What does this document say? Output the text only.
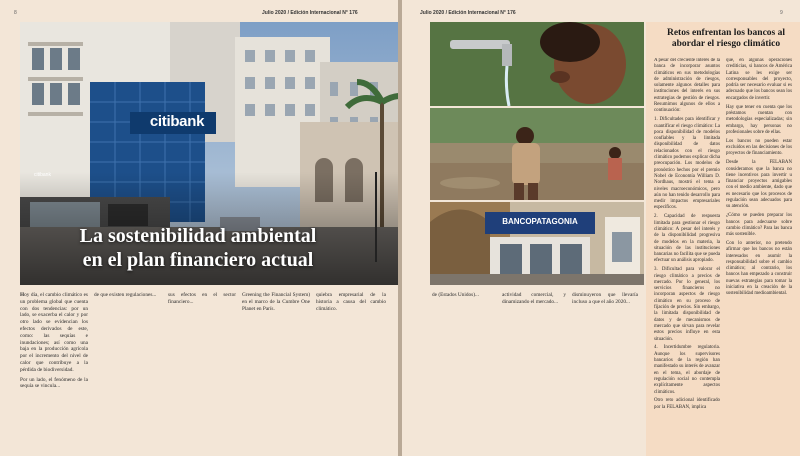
8	Julio 2020 / Edición Internacional N° 176
citibank
citibank
La sostenibilidad ambiental
en el plan financiero actual

Hoy día, el cambio climático es un problema global que cuenta con dos tendencias: por un lado, se exacerba el calor y por otro lado se evidencian los efectos derivados de este, como: las sequías e inundaciones; así como una baja en la producción agrícola por el incremento del nivel de calor que contribuye a la pérdida de biodiversidad.

Por un lado, el fenómeno de la sequía se vincula...

de que existen regulaciones...	sus efectos en el sector financiero...

Greening the Financial System) en el marco de la Cumbre One Planet en París.

quiebra empresarial de la historia a causa del cambio climático.

Julio 2020 / Edición Internacional N° 176	9
BANCOPATAGONIA

de (Estados Unidos)...	actividad comercial, y dinamizando el mercado...

disminuyeron que llevaría incluso a que el año 2020...

Retos enfrentan los bancos al abordar el riesgo climático

A pesar del creciente interés de la banca de incorporar asuntos climáticos en sus metodologías de administración de riesgos, solamente algunos detalles para instituciones del interés en sus estrategias de gestión de riesgos. Resumimos algunos de ellos a continuación:

1. Dificultades para identificar y cuantificar el riesgo climático: La poca disponibilidad de modelos confiables y la limitada disponibilidad de datos relacionados con el riesgo climático podemos explicar dicha preocupación. Los modelos de pronóstico hechos por el premio Nobel de Economía William D. Nordhaus, mostró el tema a niveles macroeconómicos, pero aún no han tenido desarrollo para medir impactos empresariales específicos.

2. Capacidad de respuesta limitada para gestionar el riesgo climático: A pesar del interés y de la disponibilidad progresiva de modelos en la materia, la situación de las instituciones bancarias no facilita que se pueda efectuar un análisis apropiado.

3. Dificultad para valorar el riesgo climático a precios de mercado. Por lo general, los servicios financieros no incorporan aspectos de riesgo climático en su proceso de fijación de precios. Sin embargo, la limitada disponibilidad de datos y de mecanismos de mercado que sirvan para revelar estos precios influye en esta situación.

4. Incertidumbre regulatoria. Aunque los supervisores bancarios de la región han manifestado su interés de avanzar en el tema, el abordaje de regulación social no contempla explícitamente aspectos climáticos.

Otro reto adicional identificado por la FELABAN, implica

que, en algunas operaciones crediticias, si bancos de América Latina se les exige ser corresponsables del proyecto, podría ser necesario evaluar si es adecuado que los bancos sean los encargados de invertir.

Hay que tener en cuenta que los préstamos cuentan con metodologías especializadas; sin embargo, hay personas no profesionales sobre de ellas.

Los bancos no pueden estar excluidos en las decisiones de los proyectos de financiamiento.

Desde la FELABAN consideramos que la banca no tiene incentivos para invertir u financiar proyectos amigables con el medio ambiente, dado que es necesario que los procesos de regulación sean adecuados para su atención.

¿Cómo se pueden preparar los bancos para adecuarse sobre cambio climático? Para las banca más sostenible.

Con lo anterior, no pretendo afirmar que los bancos no están interesados en asumir la responsabilidad sobre el cambio climático; al contrario, los bancos han empezado a construir nuevas estrategias para tomar la iniciativa en la creación de la sostenibilidad medioambiental.
